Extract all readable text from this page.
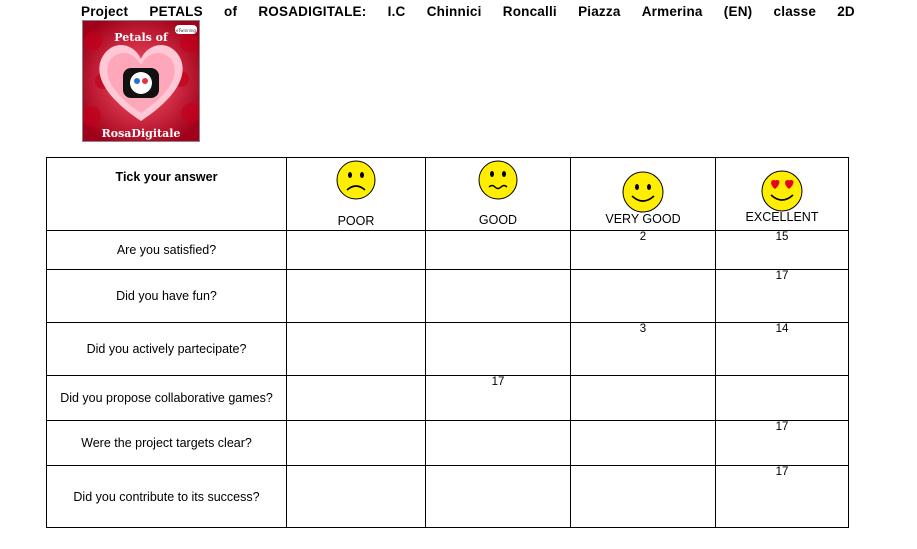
Project PETALS of ROSADIGITALE: I.C Chinnici Roncalli Piazza Armerina (EN) classe 2D
Petals of
RosaDigitale
eTwinning
Tick your answer	POOR	GOOD	VERY GOOD	EXCELLENT

Are you satisfied?			2	15

Did you have fun?				17

Did you actively partecipate?			3	14

Did you propose collaborative games?		17		

Were the project targets clear?				17

Did you contribute to its success?				17
